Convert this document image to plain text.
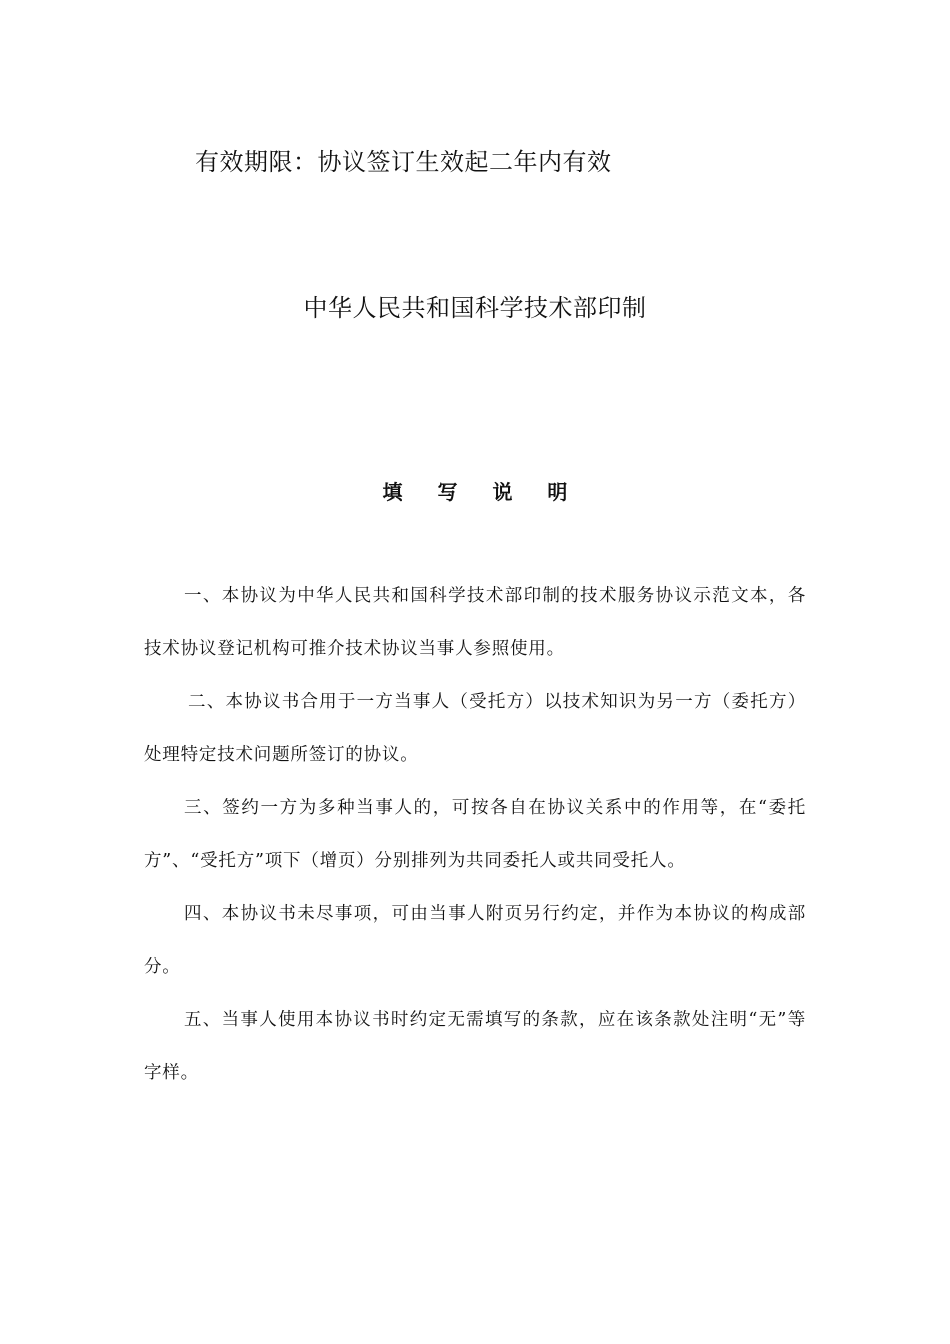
有效期限：协议签订生效起二年内有效
中华人民共和国科学技术部印制
填 写 说 明

一、本协议为中华人民共和国科学技术部印制的技术服务协议示范文本，各技术协议登记机构可推介技术协议当事人参照使用。

二、本协议书合用于一方当事人（受托方）以技术知识为另一方（委托方）处理特定技术问题所签订的协议。

三、签约一方为多种当事人的，可按各自在协议关系中的作用等，在“委托方”、“受托方”项下（增页）分别排列为共同委托人或共同受托人。

四、本协议书未尽事项，可由当事人附页另行约定，并作为本协议的构成部分。

五、当事人使用本协议书时约定无需填写的条款，应在该条款处注明“无”等字样。
